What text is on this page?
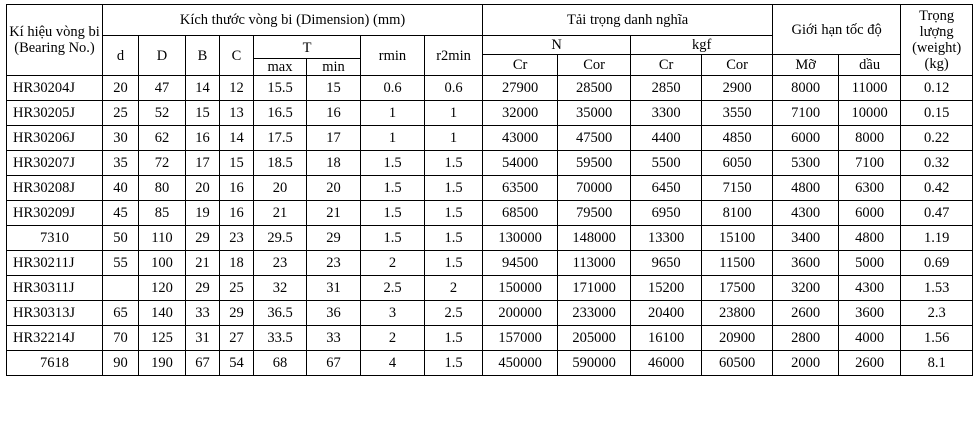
Kí hiệu vòng bi (Bearing No.)	Kích thước vòng bi (Dimension) (mm)								Tải trọng danh nghĩa				Giới hạn tốc độ		Trọng lượng (weight) (kg)
	d	D	B	C	T		rmin	r2min	N		kgf				
									Cr	Cor	Cr	Cor	Mỡ	dầu	
					max	min									
HR30204J	20	47	14	12	15.5	15	0.6	0.6	27900	28500	2850	2900	8000	11000	0.12
HR30205J	25	52	15	13	16.5	16	1	1	32000	35000	3300	3550	7100	10000	0.15
HR30206J	30	62	16	14	17.5	17	1	1	43000	47500	4400	4850	6000	8000	0.22
HR30207J	35	72	17	15	18.5	18	1.5	1.5	54000	59500	5500	6050	5300	7100	0.32
HR30208J	40	80	20	16	20	20	1.5	1.5	63500	70000	6450	7150	4800	6300	0.42
HR30209J	45	85	19	16	21	21	1.5	1.5	68500	79500	6950	8100	4300	6000	0.47
7310	50	110	29	23	29.5	29	1.5	1.5	130000	148000	13300	15100	3400	4800	1.19
HR30211J	55	100	21	18	23	23	2	1.5	94500	113000	9650	11500	3600	5000	0.69
HR30311J		120	29	25	32	31	2.5	2	150000	171000	15200	17500	3200	4300	1.53
HR30313J	65	140	33	29	36.5	36	3	2.5	200000	233000	20400	23800	2600	3600	2.3
HR32214J	70	125	31	27	33.5	33	2	1.5	157000	205000	16100	20900	2800	4000	1.56
7618	90	190	67	54	68	67	4	1.5	450000	590000	46000	60500	2000	2600	8.1
